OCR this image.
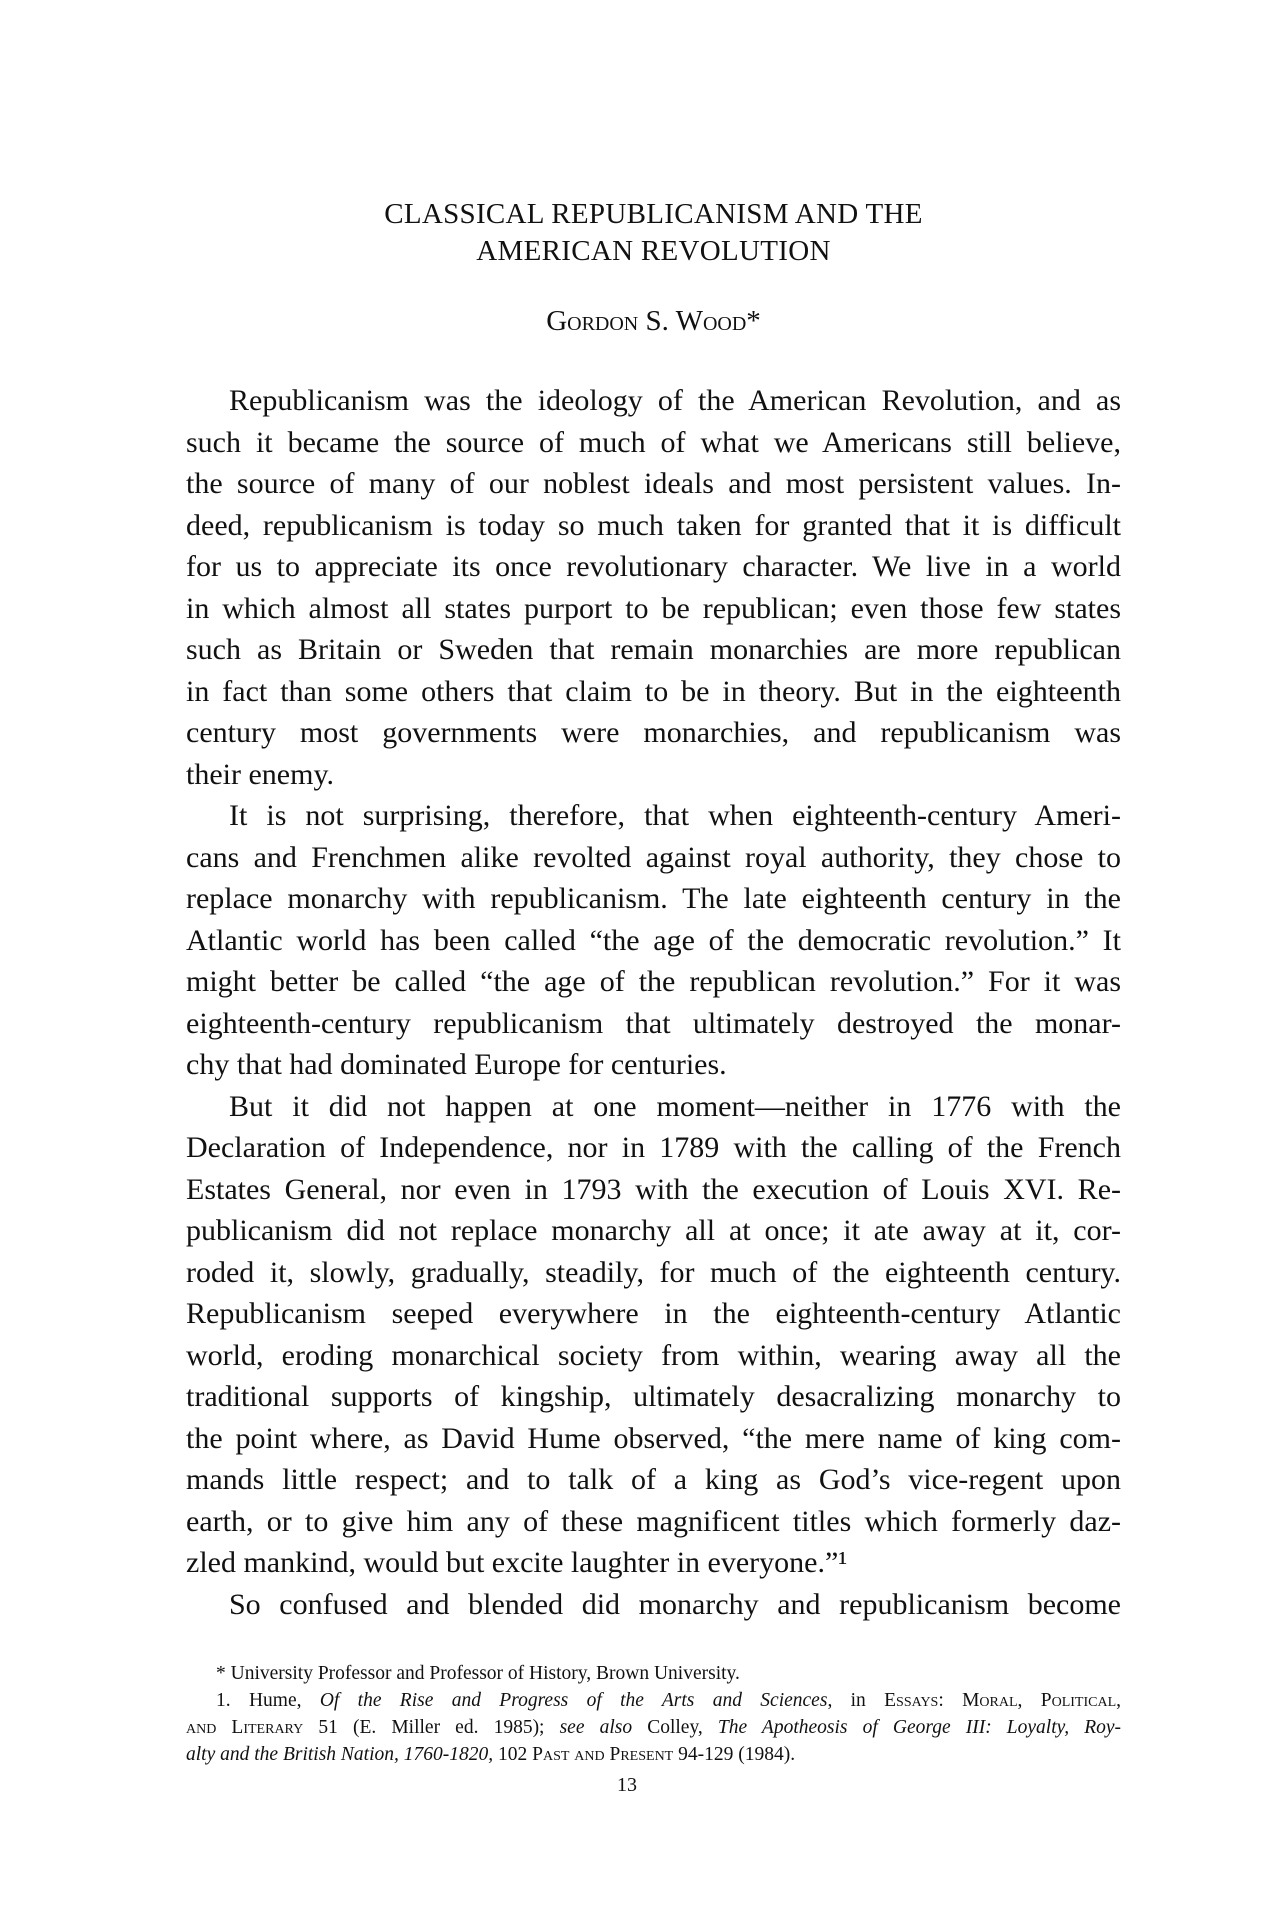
CLASSICAL REPUBLICANISM AND THE
AMERICAN REVOLUTION
Gordon S. Wood*
Republicanism was the ideology of the American Revolution, and as
such it became the source of much of what we Americans still believe,
the source of many of our noblest ideals and most persistent values. In-
deed, republicanism is today so much taken for granted that it is difficult
for us to appreciate its once revolutionary character. We live in a world
in which almost all states purport to be republican; even those few states
such as Britain or Sweden that remain monarchies are more republican
in fact than some others that claim to be in theory. But in the eighteenth
century most governments were monarchies, and republicanism was
their enemy.
It is not surprising, therefore, that when eighteenth-century Ameri-
cans and Frenchmen alike revolted against royal authority, they chose to
replace monarchy with republicanism. The late eighteenth century in the
Atlantic world has been called “the age of the democratic revolution.” It
might better be called “the age of the republican revolution.” For it was
eighteenth-century republicanism that ultimately destroyed the monar-
chy that had dominated Europe for centuries.
But it did not happen at one moment—neither in 1776 with the
Declaration of Independence, nor in 1789 with the calling of the French
Estates General, nor even in 1793 with the execution of Louis XVI. Re-
publicanism did not replace monarchy all at once; it ate away at it, cor-
roded it, slowly, gradually, steadily, for much of the eighteenth century.
Republicanism seeped everywhere in the eighteenth-century Atlantic
world, eroding monarchical society from within, wearing away all the
traditional supports of kingship, ultimately desacralizing monarchy to
the point where, as David Hume observed, “the mere name of king com-
mands little respect; and to talk of a king as God’s vice-regent upon
earth, or to give him any of these magnificent titles which formerly daz-
zled mankind, would but excite laughter in everyone.”¹
So confused and blended did monarchy and republicanism become
* University Professor and Professor of History, Brown University.
1. Hume, Of the Rise and Progress of the Arts and Sciences, in Essays: Moral, Political,
and Literary 51 (E. Miller ed. 1985); see also Colley, The Apotheosis of George III: Loyalty, Roy-
alty and the British Nation, 1760-1820, 102 Past and Present 94-129 (1984).
13
